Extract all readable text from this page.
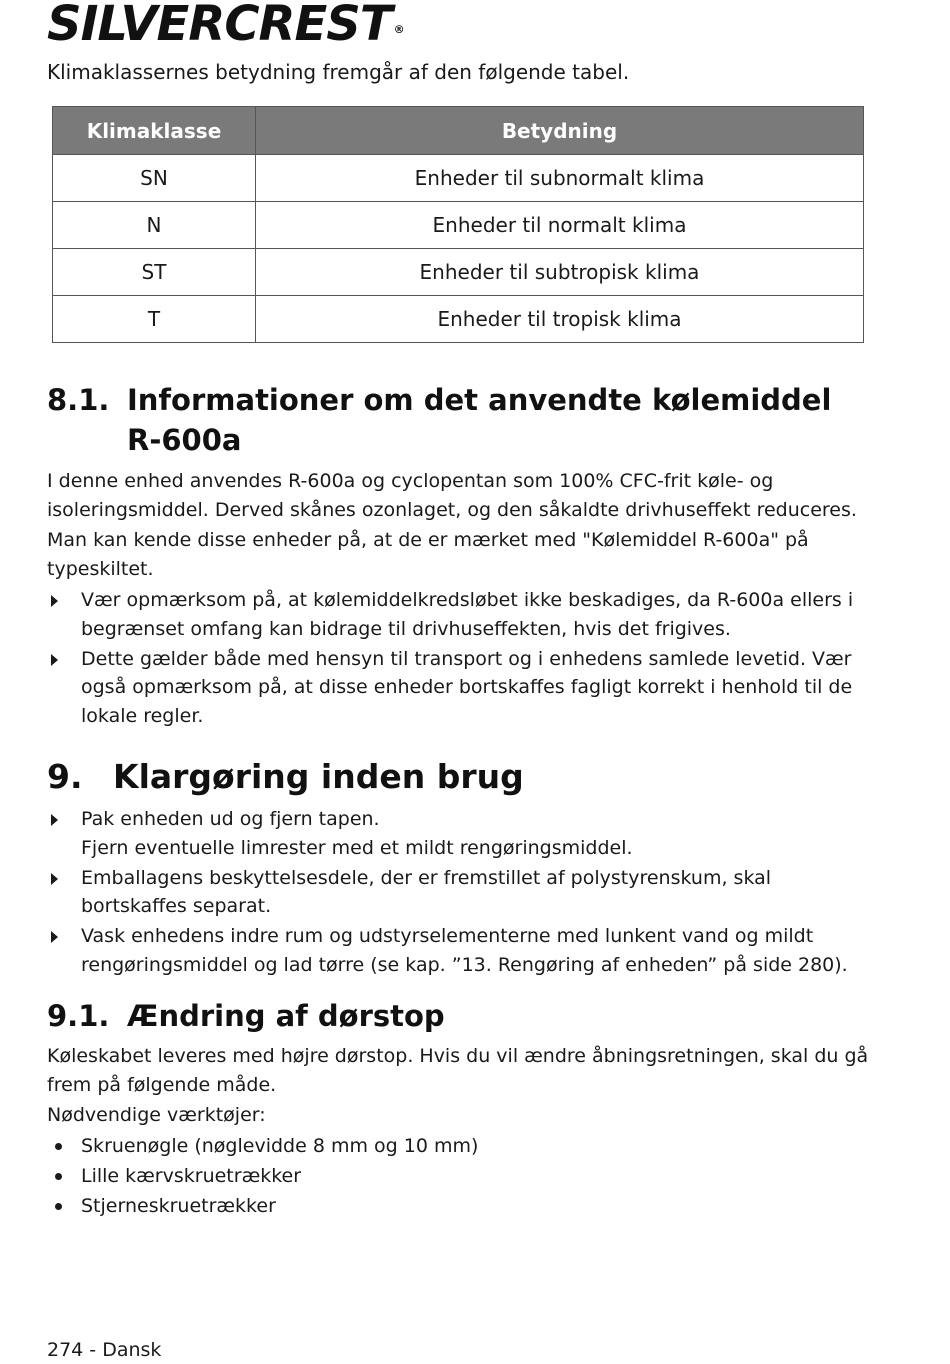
SILVERCREST ®
Klimaklassernes betydning fremgår af den følgende tabel.
Klimaklasse	Betydning
SN	Enheder til subnormalt klima
N	Enheder til normalt klima
ST	Enheder til subtropisk klima
T	Enheder til tropisk klima
8.1. Informationer om det anvendte kølemiddel
R-600a
I denne enhed anvendes R-600a og cyclopentan som 100% CFC-frit køle- og isoleringsmiddel. Derved skånes ozonlaget, og den såkaldte drivhuseffekt reduceres.
Man kan kende disse enheder på, at de er mærket med "Kølemiddel R-600a" på typeskiltet.
Vær opmærksom på, at kølemiddelkredsløbet ikke beskadiges, da R-600a ellers i begrænset omfang kan bidrage til drivhuseffekten, hvis det frigives.
Dette gælder både med hensyn til transport og i enhedens samlede levetid. Vær også opmærksom på, at disse enheder bortskaffes fagligt korrekt i henhold til de lokale regler.
9. Klargøring inden brug
Pak enheden ud og fjern tapen.
Fjern eventuelle limrester med et mildt rengøringsmiddel.
Emballagens beskyttelsesdele, der er fremstillet af polystyrenskum, skal bortskaffes separat.
Vask enhedens indre rum og udstyrselementerne med lunkent vand og mildt rengøringsmiddel og lad tørre (se kap. ”13. Rengøring af enheden” på side 280).
9.1. Ændring af dørstop
Køleskabet leveres med højre dørstop. Hvis du vil ændre åbningsretningen, skal du gå frem på følgende måde.
Nødvendige værktøjer:
Skruenøgle (nøglevidde 8 mm og 10 mm)
Lille kærvskruetrækker
Stjerneskruetrækker
274 - Dansk
